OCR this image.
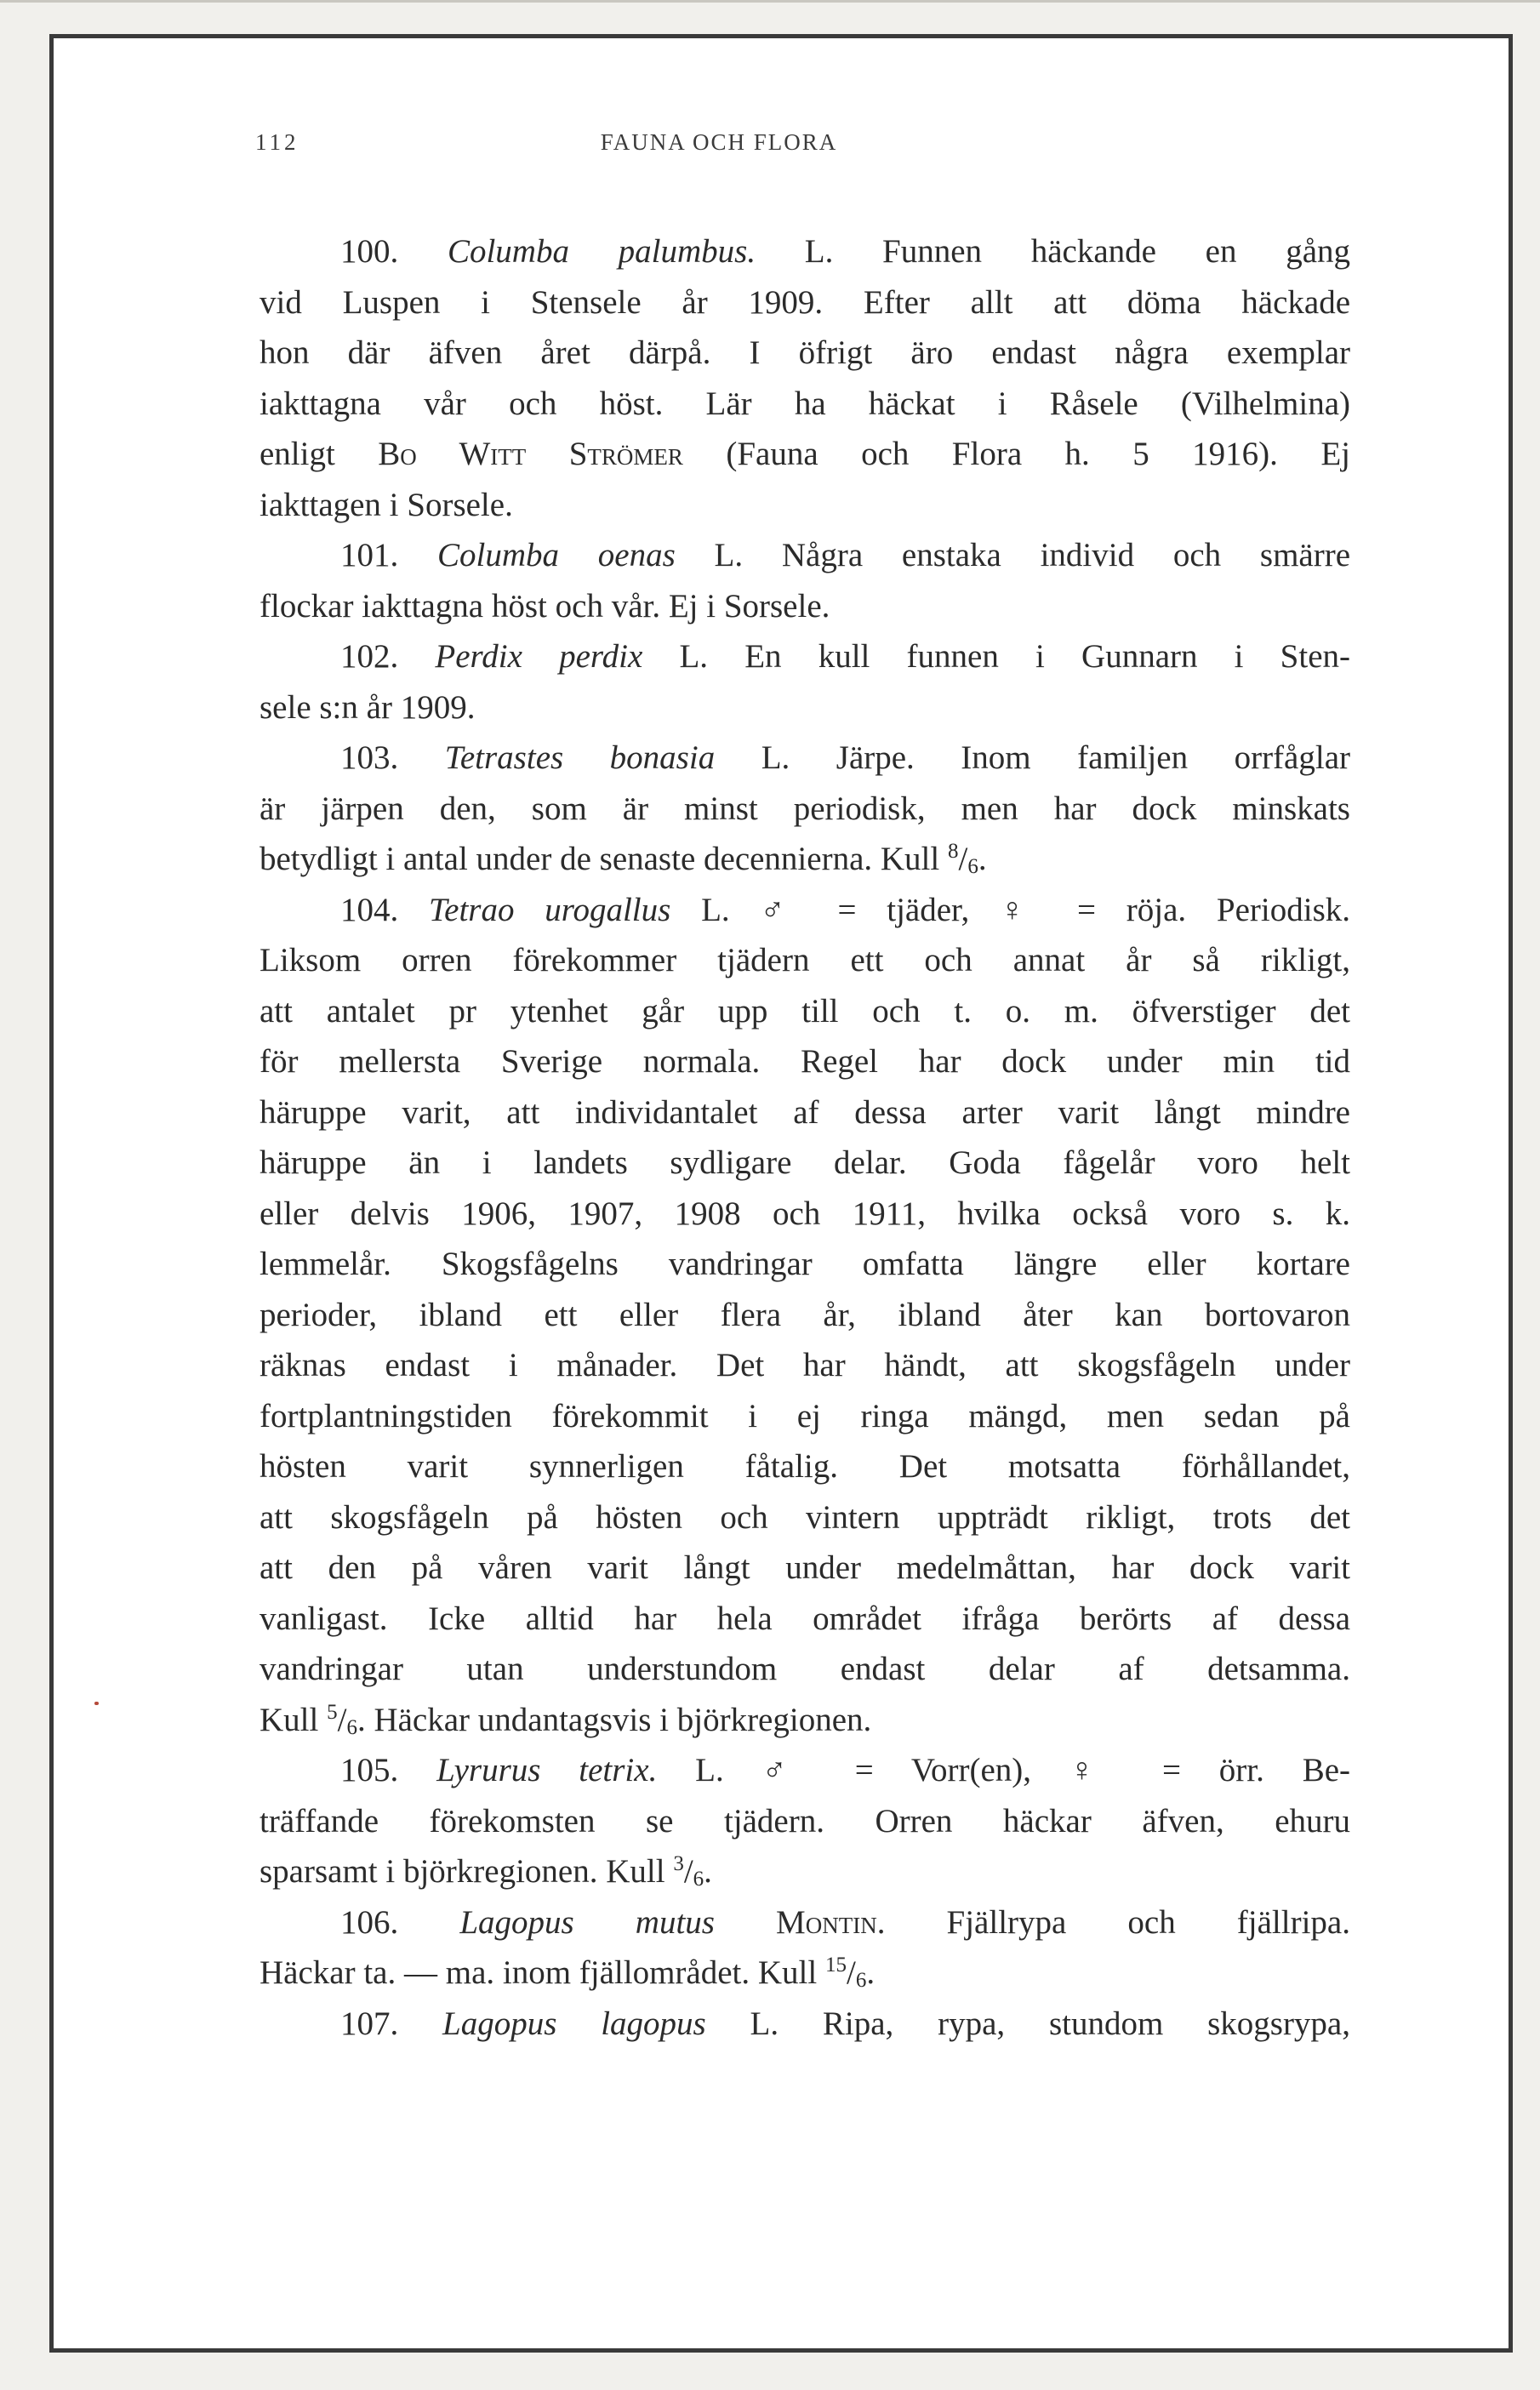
112	FAUNA OCH FLORA
100. Columba palumbus. L. Funnen häckande en gång
vid Luspen i Stensele år 1909. Efter allt att döma häckade
hon där äfven året därpå. I öfrigt äro endast några exemplar
iakttagna vår och höst. Lär ha häckat i Råsele (Vilhelmina)
enligt Bo Witt Strömer (Fauna och Flora h. 5 1916). Ej
iakttagen i Sorsele.
101. Columba oenas L. Några enstaka individ och smärre
flockar iakttagna höst och vår. Ej i Sorsele.
102. Perdix perdix L. En kull funnen i Gunnarn i Sten-
sele s:n år 1909.
103. Tetrastes bonasia L. Järpe. Inom familjen orrfåglar
är järpen den, som är minst periodisk, men har dock minskats
betydligt i antal under de senaste decennierna. Kull $^8$/6.
104. Tetrao urogallus L. ♂ = tjäder, ♀ = röja. Periodisk.
Liksom orren förekommer tjädern ett och annat år så rikligt,
att antalet pr ytenhet går upp till och t. o. m. öfverstiger det
för mellersta Sverige normala. Regel har dock under min tid
häruppe varit, att individantalet af dessa arter varit långt mindre
häruppe än i landets sydligare delar. Goda fågelår voro helt
eller delvis 1906, 1907, 1908 och 1911, hvilka också voro s. k.
lemmelår. Skogsfågelns vandringar omfatta längre eller kortare
perioder, ibland ett eller flera år, ibland åter kan bortovaron
räknas endast i månader. Det har händt, att skogsfågeln under
fortplantningstiden förekommit i ej ringa mängd, men sedan på
hösten varit synnerligen fåtalig. Det motsatta förhållandet,
att skogsfågeln på hösten och vintern uppträdt rikligt, trots det
att den på våren varit långt under medelmåttan, har dock varit
vanligast. Icke alltid har hela området ifråga berörts af dessa
vandringar utan understundom endast delar af detsamma.
Kull $^5$/6. Häckar undantagsvis i björkregionen.
105. Lyrurus tetrix. L. ♂ = Vorr(en), ♀ = örr. Be-
träffande förekomsten se tjädern. Orren häckar äfven, ehuru
sparsamt i björkregionen. Kull $^3$/6.
106. Lagopus mutus Montin. Fjällrypa och fjällripa.
Häckar ta. — ma. inom fjällområdet. Kull $^{15}$/6.
107. Lagopus lagopus L. Ripa, rypa, stundom skogsrypa,
